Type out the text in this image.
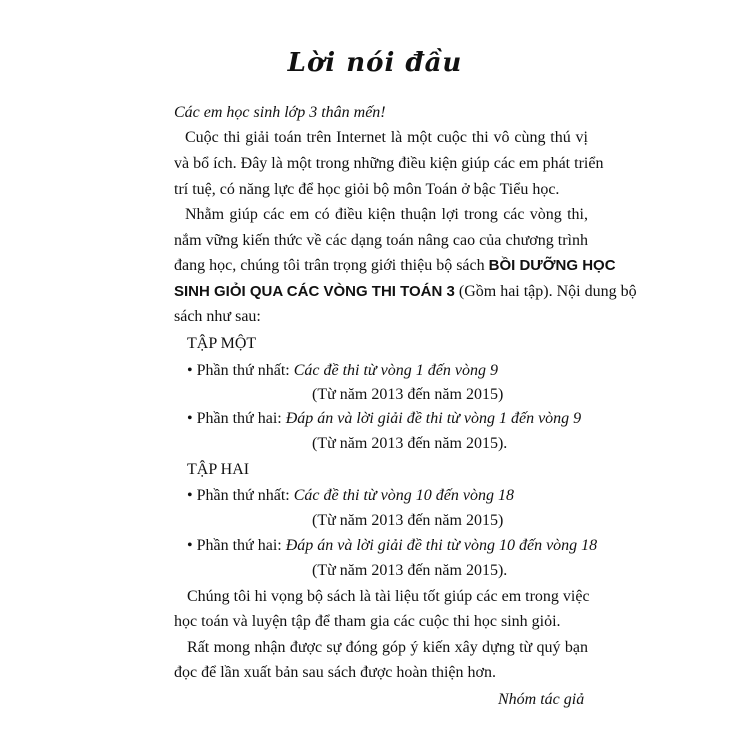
Lời nói đầu
Các em học sinh lớp 3 thân mến!
Cuộc thi giải toán trên Internet là một cuộc thi vô cùng thú vị
và bổ ích. Đây là một trong những điều kiện giúp các em phát triển
trí tuệ, có năng lực để học giỏi bộ môn Toán ở bậc Tiểu học.
Nhằm giúp các em có điều kiện thuận lợi trong các vòng thi,
nắm vững kiến thức về các dạng toán nâng cao của chương trình
đang học, chúng tôi trân trọng giới thiệu bộ sách BỒI DƯỠNG HỌC
SINH GIỎI QUA CÁC VÒNG THI TOÁN 3 (Gồm hai tập). Nội dung bộ
sách như sau:
TẬP MỘT
• Phần thứ nhất: Các đề thi từ vòng 1 đến vòng 9
(Từ năm 2013 đến năm 2015)
• Phần thứ hai: Đáp án và lời giải đề thi từ vòng 1 đến vòng 9
(Từ năm 2013 đến năm 2015).
TẬP HAI
• Phần thứ nhất: Các đề thi từ vòng 10 đến vòng 18
(Từ năm 2013 đến năm 2015)
• Phần thứ hai: Đáp án và lời giải đề thi từ vòng 10 đến vòng 18
(Từ năm 2013 đến năm 2015).
Chúng tôi hi vọng bộ sách là tài liệu tốt giúp các em trong việc
học toán và luyện tập để tham gia các cuộc thi học sinh giỏi.
Rất mong nhận được sự đóng góp ý kiến xây dựng từ quý bạn
đọc để lần xuất bản sau sách được hoàn thiện hơn.
Nhóm tác giả
